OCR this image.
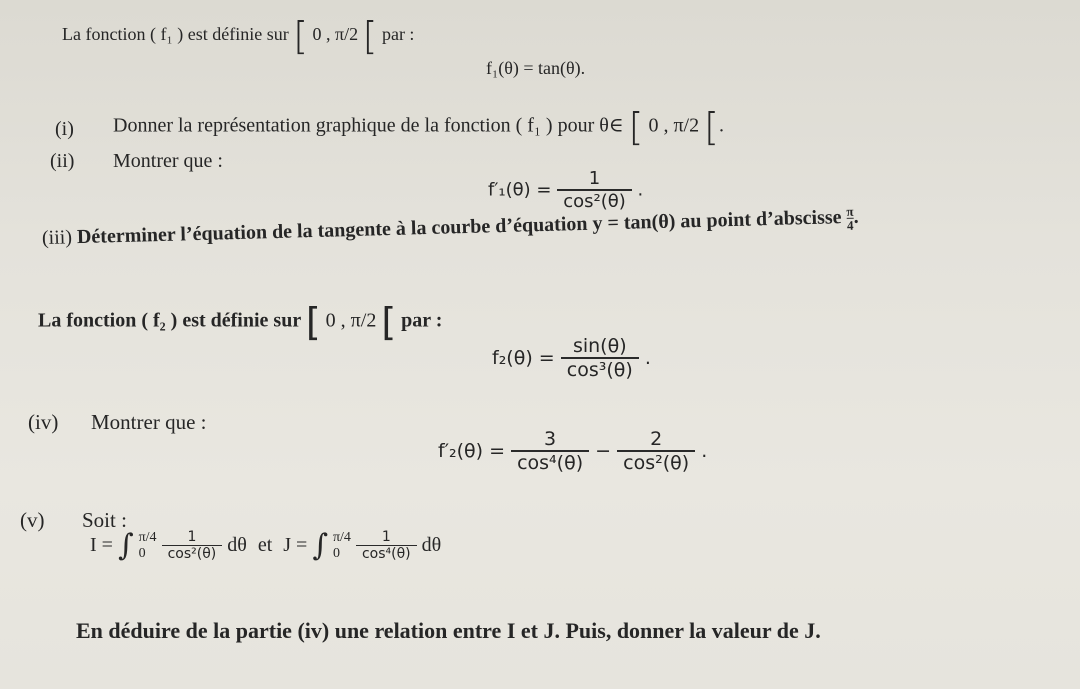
La fonction ( f₁ ) est définie sur [ 0 , π/2 [ par :
f₁(θ) = tan(θ).
(i) Donner la représentation graphique de la fonction ( f₁ ) pour θ∈ [ 0 , π/2 [.
(ii) Montrer que :
$f'_1(\theta) = \frac{1}{\text{cos²(θ)}}$ .
(iii) Déterminer l’équation de la tangente à la courbe d’équation y = tan(θ) au point d’abscisse $\frac{\pi}{4}$ .
La fonction ( f₂ ) est définie sur [ 0 , π/2 [ par :
$f_2(\theta) = \frac{\sin(\theta)}{\text{cos³(θ)}}$ .
(iv) Montrer que :
$f'_2(\theta) = \frac{3}{\text{cos⁴(θ)}} - \frac{2}{\text{cos²(θ)}}$ .
(v) Soit :
I = ∫ π/4
0
	$\frac{1}{\text{cos²(θ)}}$ dθ et J = ∫ π/4
0
	$\frac{1}{\text{cos⁴(θ)}}$ dθ
En déduire de la partie (iv) une relation entre I et J. Puis, donner la valeur de J.
